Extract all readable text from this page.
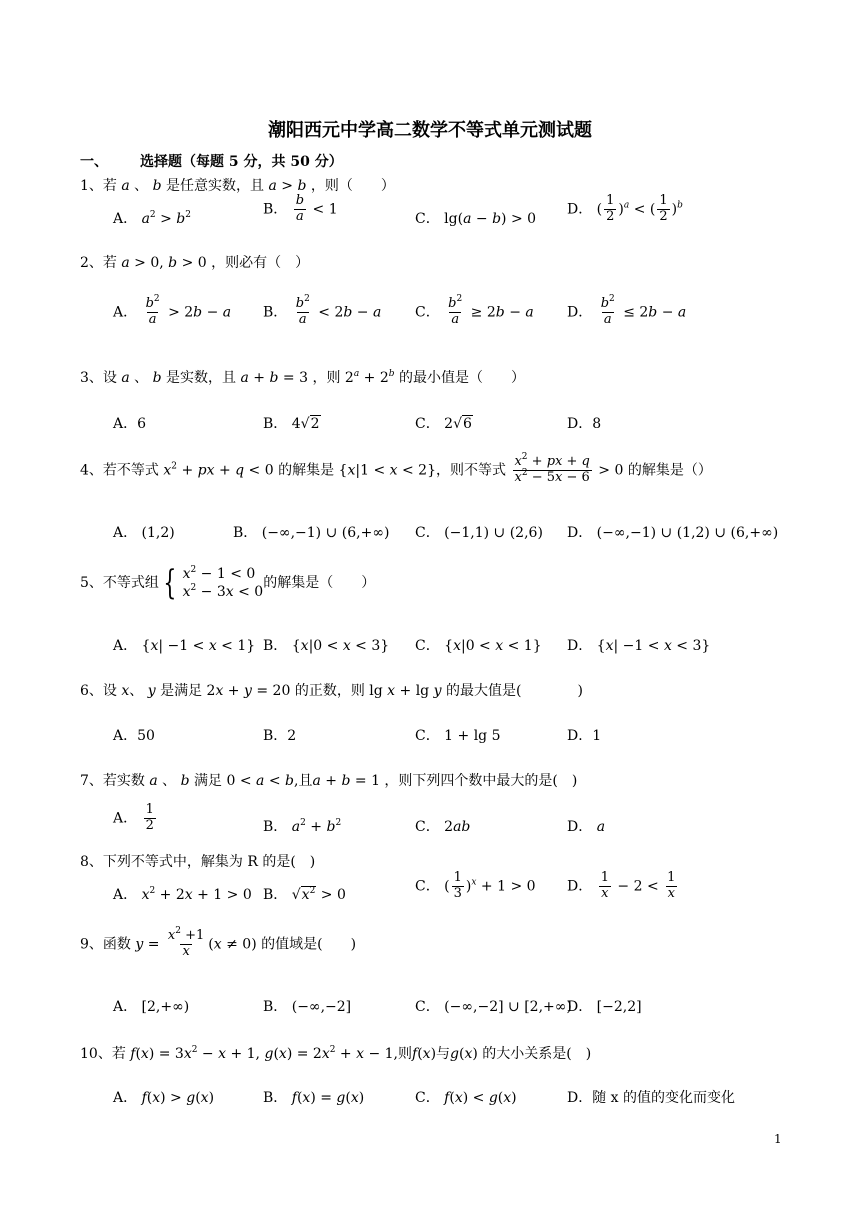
潮阳西元中学高二数学不等式单元测试题
一、 选择题（每题 5 分，共 50 分）
1、若 a 、 b 是任意实数，且 a > b ，则（　　）
A． $a^2 > b^2$	B． $\frac{b}{a} < 1$
C． lg(a − b) > 0
D． ( $\frac{1}{2} )^a$ < ( $\frac{1}{2} )^b$
2、若 a > 0, b > 0 ，则必有（　）
A． $\frac{b^2}{a} > 2b - a$ B． $\frac{b^2}{a} < 2b - a$ C． $\frac{b^2}{a} \ge 2b - a$ D． $\frac{b^2}{a} \le 2b - a$
3、设 a 、 b 是实数，且 a + b = 3 ，则 $2^a + 2^b$ 的最小值是（　　）
A．6	B． 4√2	C． 2√6	D．8
4、若不等式 $x^2$ + px + q < 0 的解集是 {x|1 < x < 2}，则不等式 $\frac{x^2 + px + q}{x^2 - 5x - 6} > 0$ 的解集是（）
A． (1,2)	B． (−∞,−1) ∪ (6,+∞) C． (−1,1) ∪ (2,6) D． (−∞,−1) ∪ (1,2) ∪ (6,+∞)
5、不等式组 { $x^2 - 1 < 0$
$x^2 - 3x < 0$
的解集是（　　）
A． {x| −1 < x < 1} B． {x|0 < x < 3} C． {x|0 < x < 1} D． {x| −1 < x < 3}
6、设 x、 y 是满足 2x + y = 20 的正数，则 lg x + lg y 的最大值是(　　　　)
A．50	B．2	C． 1 + lg 5	D．1
7、若实数 a 、 b 满足 0 < a < b,且a + b = 1 ，则下列四个数中最大的是(　)
A． $\frac{1}{2}$	B． $a^2 + b^2$	C． 2ab	D． a
8、下列不等式中，解集为 R 的是(　)
A． $x^2 + 2x + 1 > 0$ B． $√x^2 > 0$
C． ( $\frac{1}{3} )^x + 1 > 0$ D． $\frac{1}{x} - 2 < \frac{1}{x}$
9、函数 $y = \frac{x^2 +1}{x} (x \ne 0)$ 的值域是(　　)
A． [2,+∞)	B． (−∞,−2]	C． (−∞,−2] ∪ [2,+∞)
D． [−2,2]
10、若 $f(x) = 3x^2 - x + 1$, $g(x) = 2x^2 + x - 1$,则f(x)与g(x) 的大小关系是(　)
A． f(x) > g(x)	B． f(x) = g(x)	C． f(x) < g(x)	D．随 x 的值的变化而变化
1
